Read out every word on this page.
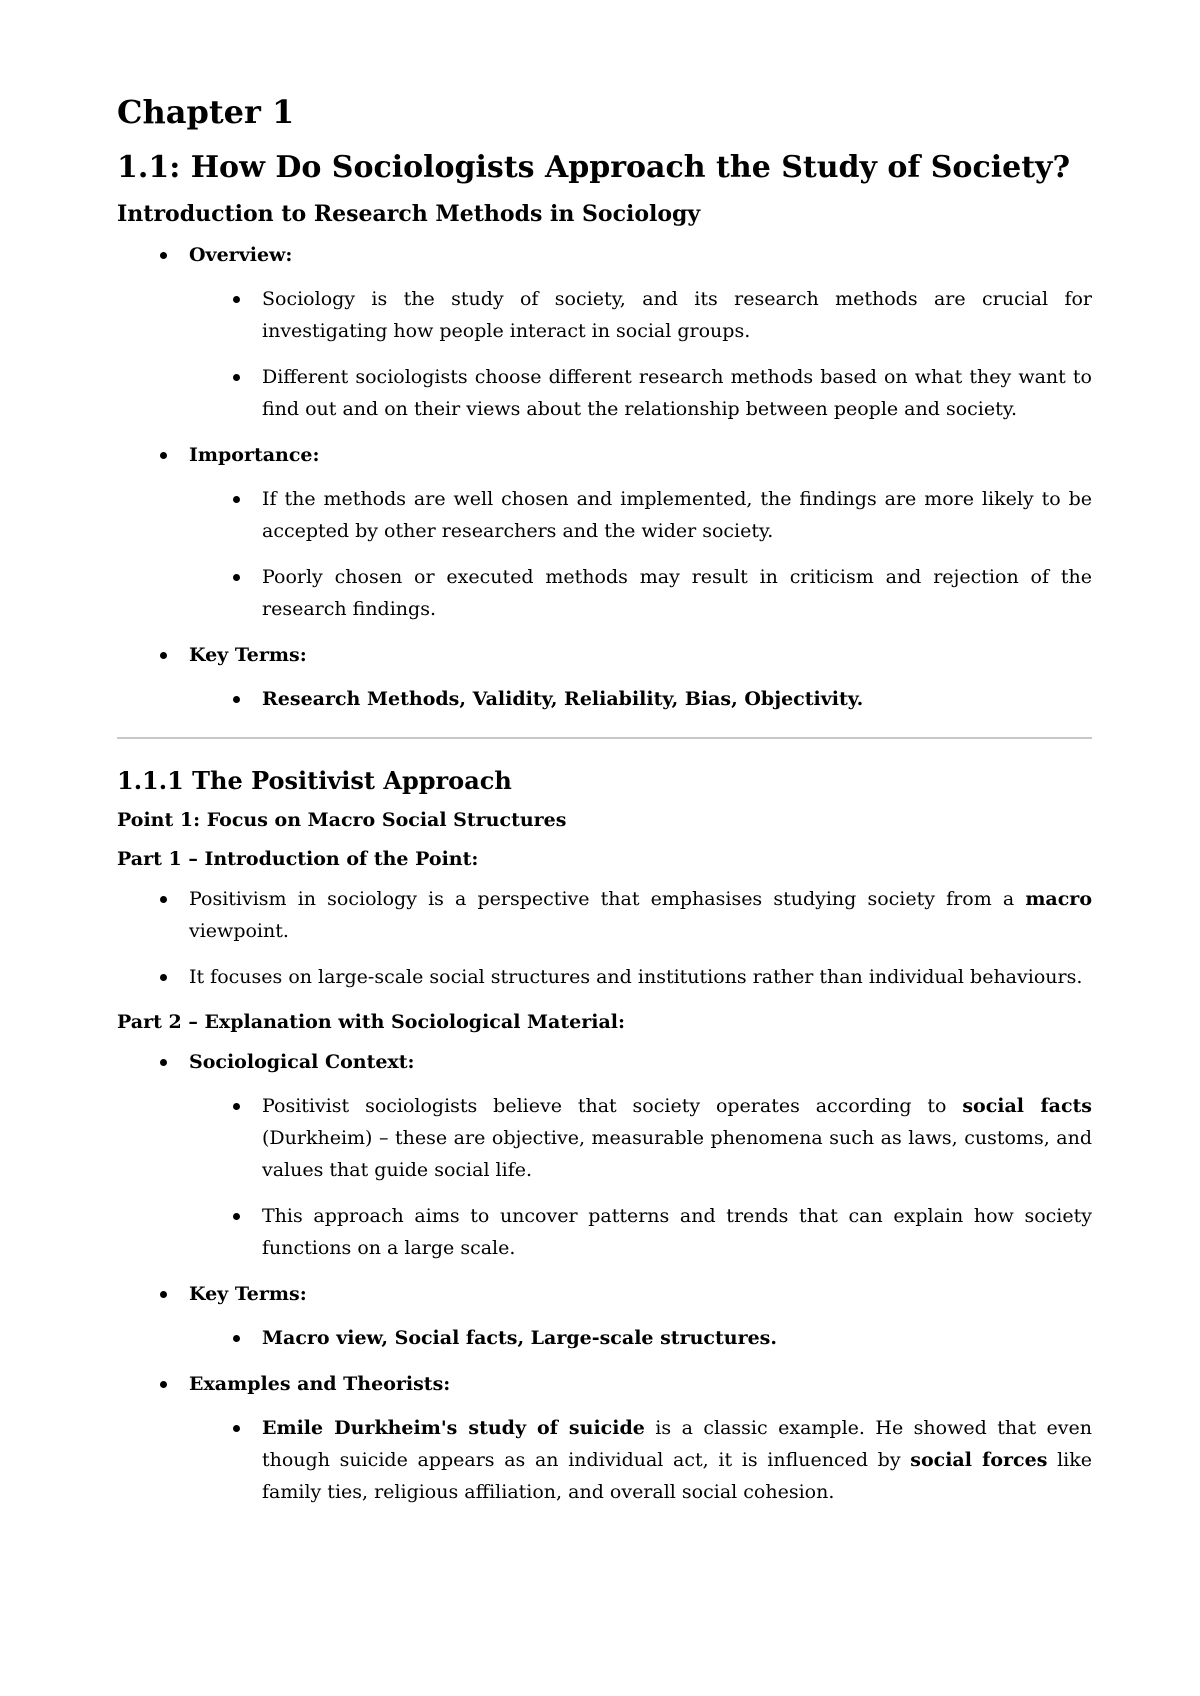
Chapter 1
1.1: How Do Sociologists Approach the Study of Society?
Introduction to Research Methods in Sociology
Overview:
Sociology is the study of society, and its research methods are crucial for investigating how people interact in social groups.
Different sociologists choose different research methods based on what they want to find out and on their views about the relationship between people and society.
Importance:
If the methods are well chosen and implemented, the findings are more likely to be accepted by other researchers and the wider society.
Poorly chosen or executed methods may result in criticism and rejection of the research findings.
Key Terms:
Research Methods, Validity, Reliability, Bias, Objectivity.
1.1.1 The Positivist Approach

Point 1: Focus on Macro Social Structures

Part 1 – Introduction of the Point:

Positivism in sociology is a perspective that emphasises studying society from a macro viewpoint.
It focuses on large-scale social structures and institutions rather than individual behaviours.

Part 2 – Explanation with Sociological Material:

Sociological Context:
Positivist sociologists believe that society operates according to social facts (Durkheim) – these are objective, measurable phenomena such as laws, customs, and values that guide social life.
This approach aims to uncover patterns and trends that can explain how society functions on a large scale.
Key Terms:
Macro view, Social facts, Large-scale structures.
Examples and Theorists:
Emile Durkheim's study of suicide is a classic example. He showed that even though suicide appears as an individual act, it is influenced by social forces like family ties, religious affiliation, and overall social cohesion.
